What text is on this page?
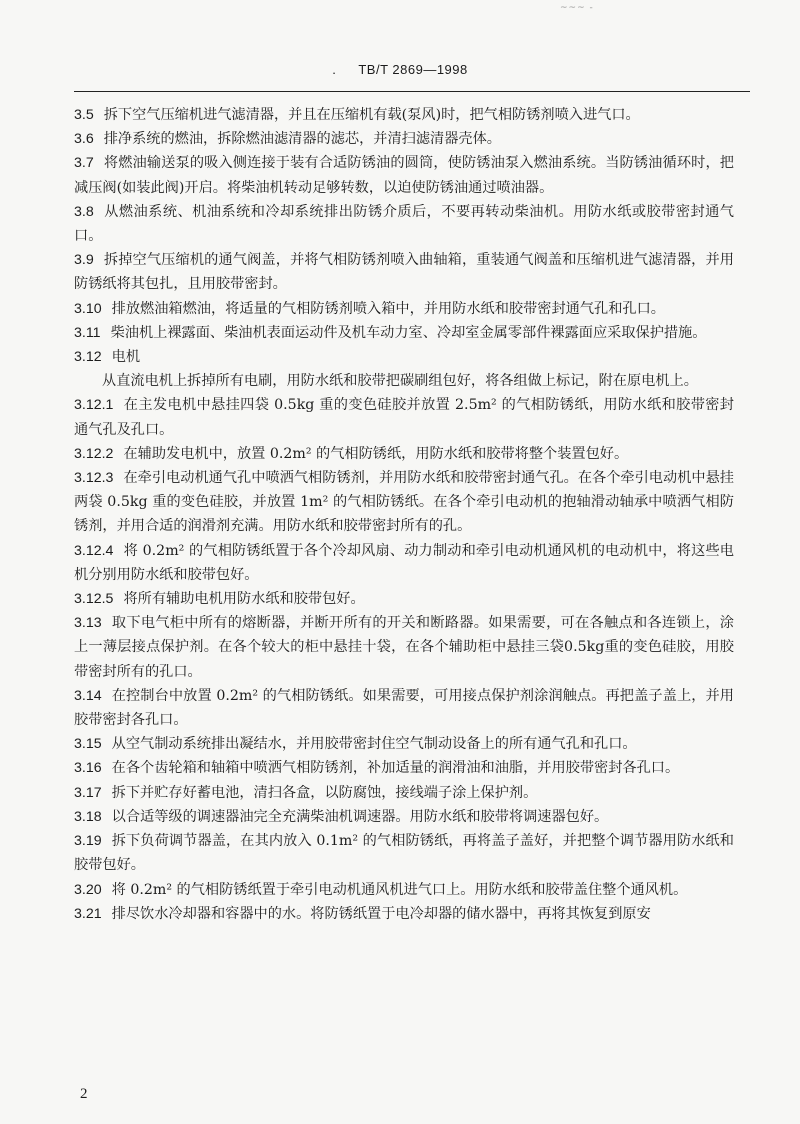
~~~ -
. TB/T 2869—1998

3.5 拆下空气压缩机进气滤清器，并且在压缩机有载(泵风)时，把气相防锈剂喷入进气口。

3.6 排净系统的燃油，拆除燃油滤清器的滤芯，并清扫滤清器壳体。

3.7 将燃油输送泵的吸入侧连接于装有合适防锈油的圆筒，使防锈油泵入燃油系统。当防锈油循环时，把减压阀(如装此阀)开启。将柴油机转动足够转数，以迫使防锈油通过喷油器。

3.8 从燃油系统、机油系统和冷却系统排出防锈介质后，不要再转动柴油机。用防水纸或胶带密封通气口。

3.9 拆掉空气压缩机的通气阀盖，并将气相防锈剂喷入曲轴箱，重装通气阀盖和压缩机进气滤清器，并用防锈纸将其包扎，且用胶带密封。

3.10 排放燃油箱燃油，将适量的气相防锈剂喷入箱中，并用防水纸和胶带密封通气孔和孔口。

3.11 柴油机上裸露面、柴油机表面运动件及机车动力室、冷却室金属零部件裸露面应采取保护措施。

3.12 电机

从直流电机上拆掉所有电刷，用防水纸和胶带把碳刷组包好，将各组做上标记，附在原电机上。

3.12.1 在主发电机中悬挂四袋 0.5kg 重的变色硅胶并放置 2.5m² 的气相防锈纸，用防水纸和胶带密封通气孔及孔口。

3.12.2 在辅助发电机中，放置 0.2m² 的气相防锈纸，用防水纸和胶带将整个装置包好。

3.12.3 在牵引电动机通气孔中喷洒气相防锈剂，并用防水纸和胶带密封通气孔。在各个牵引电动机中悬挂两袋 0.5kg 重的变色硅胶，并放置 1m² 的气相防锈纸。在各个牵引电动机的抱轴滑动轴承中喷洒气相防锈剂，并用合适的润滑剂充满。用防水纸和胶带密封所有的孔。

3.12.4 将 0.2m² 的气相防锈纸置于各个冷却风扇、动力制动和牵引电动机通风机的电动机中，将这些电机分别用防水纸和胶带包好。

3.12.5 将所有辅助电机用防水纸和胶带包好。

3.13 取下电气柜中所有的熔断器，并断开所有的开关和断路器。如果需要，可在各触点和各连锁上，涂上一薄层接点保护剂。在各个较大的柜中悬挂十袋，在各个辅助柜中悬挂三袋0.5kg重的变色硅胶，用胶带密封所有的孔口。

3.14 在控制台中放置 0.2m² 的气相防锈纸。如果需要，可用接点保护剂涂润触点。再把盖子盖上，并用胶带密封各孔口。

3.15 从空气制动系统排出凝结水，并用胶带密封住空气制动设备上的所有通气孔和孔口。

3.16 在各个齿轮箱和轴箱中喷洒气相防锈剂，补加适量的润滑油和油脂，并用胶带密封各孔口。

3.17 拆下并贮存好蓄电池，清扫各盒，以防腐蚀，接线端子涂上保护剂。

3.18 以合适等级的调速器油完全充满柴油机调速器。用防水纸和胶带将调速器包好。

3.19 拆下负荷调节器盖，在其内放入 0.1m² 的气相防锈纸，再将盖子盖好，并把整个调节器用防水纸和胶带包好。

3.20 将 0.2m² 的气相防锈纸置于牵引电动机通风机进气口上。用防水纸和胶带盖住整个通风机。

3.21 排尽饮水冷却器和容器中的水。将防锈纸置于电冷却器的储水器中，再将其恢复到原安

2
